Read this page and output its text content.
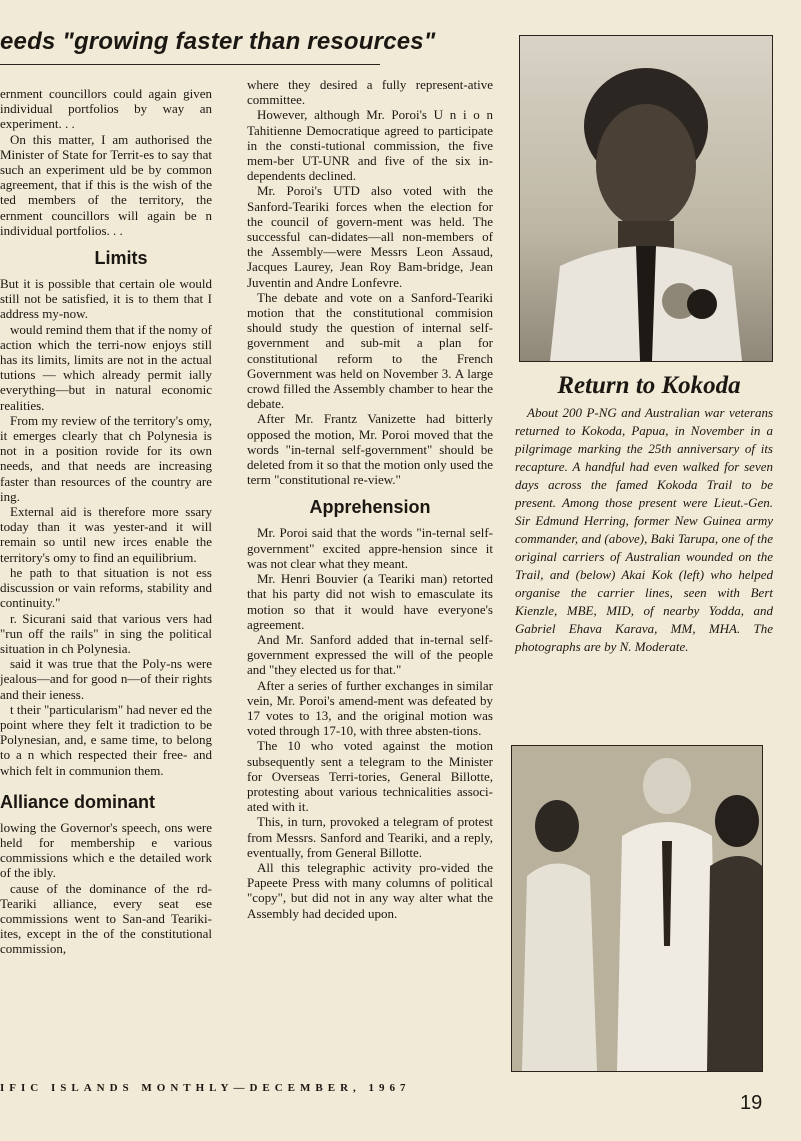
eeds "growing faster than resources"

ernment councillors could again given individual portfolios by way an experiment. . .

On this matter, I am authorised the Minister of State for Territ-es to say that such an experiment uld be by common agreement, that if this is the wish of the ted members of the territory, the ernment councillors will again be n individual portfolios. . .

Limits

But it is possible that certain ole would still not be satisfied, it is to them that I address my-now.

would remind them that if the nomy of action which the terri-now enjoys still has its limits, limits are not in the actual tutions — which already permit ially everything—but in natural economic realities.

From my review of the territory's omy, it emerges clearly that ch Polynesia is not in a position rovide for its own needs, and that needs are increasing faster than resources of the country are ing.

External aid is therefore more ssary today than it was yester-and it will remain so until new irces enable the territory's omy to find an equilibrium.

he path to that situation is not ess discussion or vain reforms, stability and continuity."

r. Sicurani said that various vers had "run off the rails" in sing the political situation in ch Polynesia.

said it was true that the Poly-ns were jealous—and for good n—of their rights and their ieness.

t their "particularism" had never ed the point where they felt it tradiction to be Polynesian, and, e same time, to belong to a n which respected their free- and which felt in communion them.

Alliance dominant

lowing the Governor's speech, ons were held for membership e various commissions which e the detailed work of the ibly.

cause of the dominance of the rd-Teariki alliance, every seat ese commissions went to San-and Teariki-ites, except in the of the constitutional commission,

where they desired a fully represent-ative committee.

However, although Mr. Poroi's U n i o n Tahitienne Democratique agreed to participate in the consti-tutional commission, the five mem-ber UT-UNR and five of the six in-dependents declined.

Mr. Poroi's UTD also voted with the Sanford-Teariki forces when the election for the council of govern-ment was held. The successful can-didates—all non-members of the Assembly—were Messrs Leon Assaud, Jacques Laurey, Jean Roy Bam-bridge, Jean Juventin and Andre Lonfevre.

The debate and vote on a Sanford-Teariki motion that the constitutional commision should study the question of internal self-government and sub-mit a plan for constitutional reform to the French Government was held on November 3. A large crowd filled the Assembly chamber to hear the debate.

After Mr. Frantz Vanizette had bitterly opposed the motion, Mr. Poroi moved that the words "in-ternal self-government" should be deleted from it so that the motion only used the term "constitutional re-view."

Apprehension

Mr. Poroi said that the words "in-ternal self-government" excited appre-hension since it was not clear what they meant.

Mr. Henri Bouvier (a Teariki man) retorted that his party did not wish to emasculate its motion so that it would have everyone's agreement.

And Mr. Sanford added that in-ternal self-government expressed the will of the people and "they elected us for that."

After a series of further exchanges in similar vein, Mr. Poroi's amend-ment was defeated by 17 votes to 13, and the original motion was voted through 17-10, with three absten-tions.

The 10 who voted against the motion subsequently sent a telegram to the Minister for Overseas Terri-tories, General Billotte, protesting about various technicalities associ-ated with it.

This, in turn, provoked a telegram of protest from Messrs. Sanford and Teariki, and a reply, eventually, from General Billotte.

All this telegraphic activity pro-vided the Papeete Press with many columns of political "copy", but did not in any way alter what the Assembly had decided upon.

Return to Kokoda

About 200 P-NG and Australian war veterans returned to Kokoda, Papua, in November in a pilgrimage marking the 25th anniversary of its recapture. A handful had even walked for seven days across the famed Kokoda Trail to be present. Among those present were Lieut.-Gen. Sir Edmund Herring, former New Guinea army commander, and (above), Baki Tarupa, one of the original carriers of Australian wounded on the Trail, and (below) Akai Kok (left) who helped organise the carrier lines, seen with Bert Kienzle, MBE, MID, of nearby Yodda, and Gabriel Ehava Karava, MM, MHA. The photographs are by N. Moderate.

IFIC ISLANDS MONTHLY—DECEMBER, 1967
19
